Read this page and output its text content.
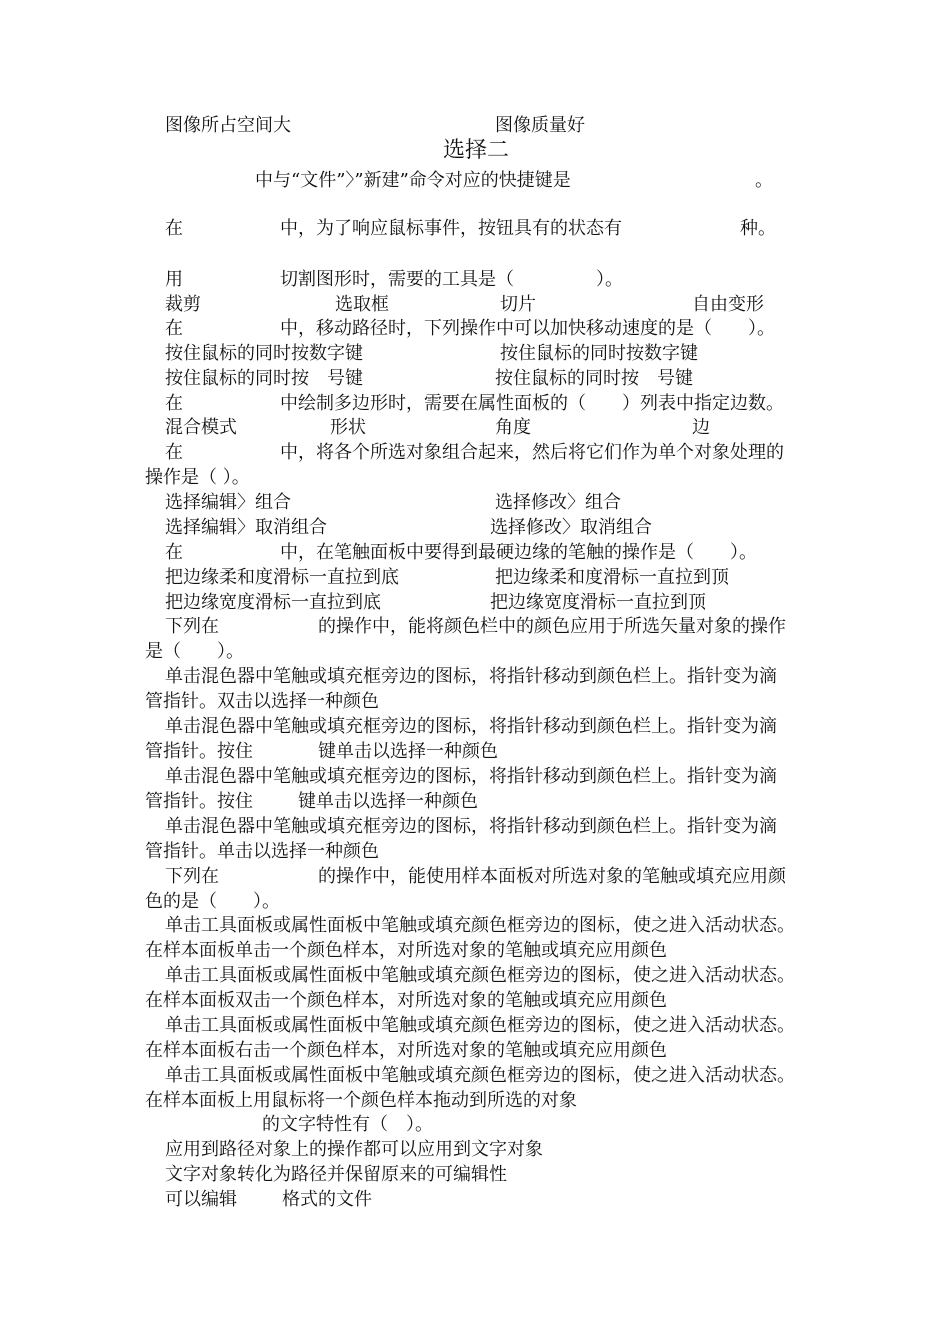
图像所占空间大	图像质量好
选择二
中与“文件”〉”新建”命令对应的快捷键是	。
在	中，为了响应鼠标事件，按钮具有的状态有	种。
用	切割图形时，需要的工具是（	）。
裁剪	选取框	切片	自由变形
在	中，移动路径时，下列操作中可以加快移动速度的是（　　）。
按住鼠标的同时按数字键	按住鼠标的同时按数字键
按住鼠标的同时按 号键	按住鼠标的同时按 号键
在	中绘制多边形时，需要在属性面板的（　　）列表中指定边数。
混合模式	形状	角度	边
在	中，将各个所选对象组合起来，然后将它们作为单个对象处理的
操作是（ ）。
选择编辑〉组合	选择修改〉组合
选择编辑〉取消组合	选择修改〉取消组合
在	中，在笔触面板中要得到最硬边缘的笔触的操作是（　　）。
把边缘柔和度滑标一直拉到底	把边缘柔和度滑标一直拉到顶
把边缘宽度滑标一直拉到底	把边缘宽度滑标一直拉到顶
下列在	的操作中，能将颜色栏中的颜色应用于所选矢量对象的操作
是（　　）。
单击混色器中笔触或填充框旁边的图标，将指针移动到颜色栏上。指针变为滴
管指针。双击以选择一种颜色
单击混色器中笔触或填充框旁边的图标，将指针移动到颜色栏上。指针变为滴
管指针。按住	键单击以选择一种颜色
单击混色器中笔触或填充框旁边的图标，将指针移动到颜色栏上。指针变为滴
管指针。按住	键单击以选择一种颜色
单击混色器中笔触或填充框旁边的图标，将指针移动到颜色栏上。指针变为滴
管指针。单击以选择一种颜色
下列在	的操作中，能使用样本面板对所选对象的笔触或填充应用颜
色的是（　　）。
单击工具面板或属性面板中笔触或填充颜色框旁边的图标，使之进入活动状态。
在样本面板单击一个颜色样本，对所选对象的笔触或填充应用颜色
单击工具面板或属性面板中笔触或填充颜色框旁边的图标，使之进入活动状态。
在样本面板双击一个颜色样本，对所选对象的笔触或填充应用颜色
单击工具面板或属性面板中笔触或填充颜色框旁边的图标，使之进入活动状态。
在样本面板右击一个颜色样本，对所选对象的笔触或填充应用颜色
单击工具面板或属性面板中笔触或填充颜色框旁边的图标，使之进入活动状态。
在样本面板上用鼠标将一个颜色样本拖动到所选的对象
的文字特性有（　）。
应用到路径对象上的操作都可以应用到文字对象
文字对象转化为路径并保留原来的可编辑性
可以编辑	格式的文件
